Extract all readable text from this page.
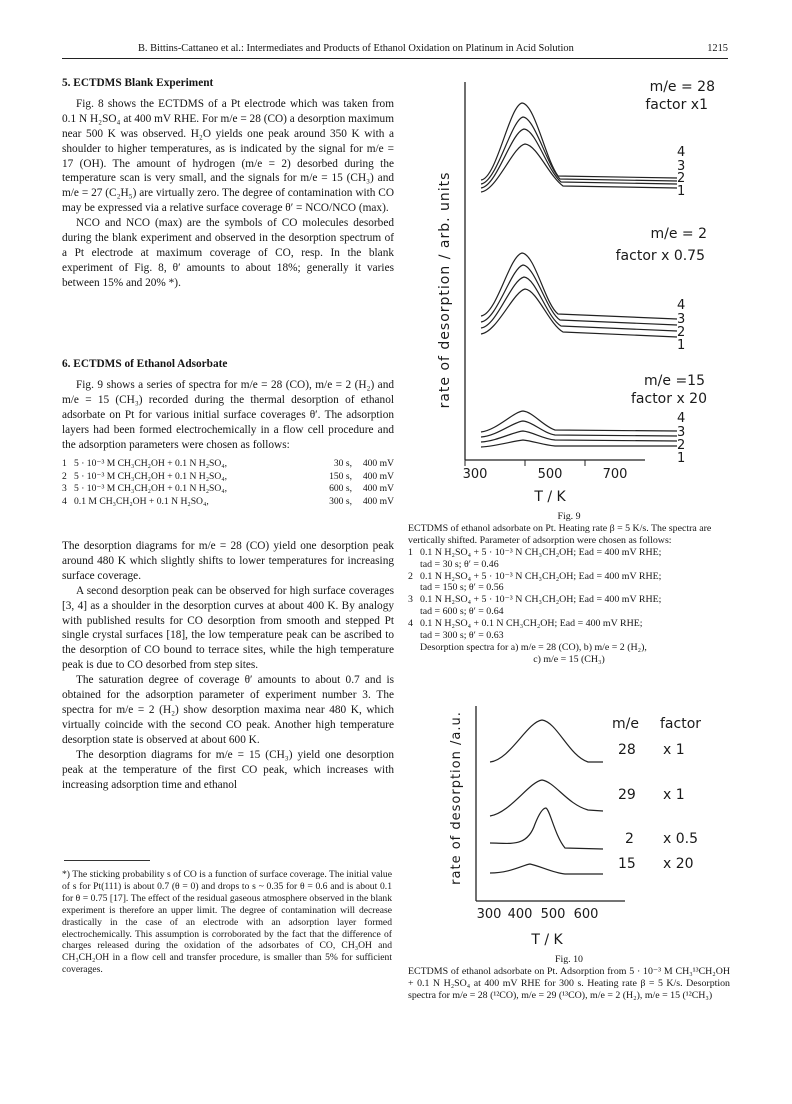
B. Bittins-Cattaneo et al.: Intermediates and Products of Ethanol Oxidation on Platinum in Acid Solution	1215
5. ECTDMS Blank Experiment

Fig. 8 shows the ECTDMS of a Pt electrode which was taken from 0.1 N H₂SO₄ at 400 mV RHE. For m/e = 28 (CO) a desorption maximum near 500 K was observed. H₂O yields one peak around 350 K with a shoulder to higher temperatures, as is indicated by the signal for m/e = 17 (OH). The amount of hydrogen (m/e = 2) desorbed during the temperature scan is very small, and the signals for m/e = 15 (CH₃) and m/e = 27 (C₂H₅) are virtually zero. The degree of contamination with CO may be expressed via a relative surface coverage θ′ = NCO/NCO (max).

NCO and NCO (max) are the symbols of CO molecules desorbed during the blank experiment and observed in the desorption spectrum of a Pt electrode at maximum coverage of CO, resp. In the blank experiment of Fig. 8, θ′ amounts to about 18%; generally it varies between 15% and 20% *).

6. ECTDMS of Ethanol Adsorbate

Fig. 9 shows a series of spectra for m/e = 28 (CO), m/e = 2 (H₂) and m/e = 15 (CH₃) recorded during the thermal desorption of ethanol adsorbate on Pt for various initial surface coverages θ′. The adsorption layers had been formed electrochemically in a flow cell procedure and the adsorption parameters were chosen as follows:

1 5 · 10⁻³ M CH₃CH₂OH + 0.1 N H₂SO₄,	30 s,	400 mV
2 5 · 10⁻³ M CH₃CH₂OH + 0.1 N H₂SO₄,	150 s,	400 mV
3 5 · 10⁻³ M CH₃CH₂OH + 0.1 N H₂SO₄,	600 s,	400 mV
4 0.1 M CH₃CH₂OH + 0.1 N H₂SO₄,	300 s,	400 mV

The desorption diagrams for m/e = 28 (CO) yield one desorption peak around 480 K which slightly shifts to lower temperatures for increasing surface coverage.

A second desorption peak can be observed for high surface coverages [3, 4] as a shoulder in the desorption curves at about 400 K. By analogy with published results for CO desorption from smooth and stepped Pt single crystal surfaces [18], the low temperature peak can be ascribed to the desorption of CO bound to terrace sites, while the high temperature peak is due to CO desorbed from step sites.

The saturation degree of coverage θ′ amounts to about 0.7 and is obtained for the adsorption parameter of experiment number 3. The spectra for m/e = 2 (H₂) show desorption maxima near 480 K, which virtually coincide with the second CO peak. Another high temperature desorption state is observed at about 600 K.

The desorption diagrams for m/e = 15 (CH₃) yield one desorption peak at the temperature of the first CO peak, which increases with increasing adsorption time and ethanol

*) The sticking probability s of CO is a function of surface coverage. The initial value of s for Pt(111) is about 0.7 (θ = 0) and drops to s ~ 0.35 for θ = 0.6 and is about 0.1 for θ = 0.75 [17]. The effect of the residual gaseous atmosphere observed in the blank experiment is therefore an upper limit. The degree of contamination will decrease drastically in the case of an electrode with an adsorption layer formed electrochemically. This assumption is corroborated by the fact that the difference of charges released during the oxidation of the adsorbates of CO, CH₃OH and CH₃CH₂OH in a flow cell and transfer procedure, is smaller than 5% for sufficient coverages.
rate of desorption / arb. units
300	500	700
T / K
m/e = 28
factor x1
4
3
2
1
m/e = 2
factor x 0.75
4
3
2
1
m/e =15
factor x 20
4
3
2
1
Fig. 9

ECTDMS of ethanol adsorbate on Pt. Heating rate β = 5 K/s. The spectra are vertically shifted. Parameter of adsorption were chosen as follows:

1 0.1 N H₂SO₄ + 5 · 10⁻³ N CH₃CH₂OH; Ead = 400 mV RHE;
tad = 30 s; θ′ = 0.46
2 0.1 N H₂SO₄ + 5 · 10⁻³ N CH₃CH₂OH; Ead = 400 mV RHE;
tad = 150 s; θ′ = 0.56
3 0.1 N H₂SO₄ + 5 · 10⁻³ N CH₃CH₂OH; Ead = 400 mV RHE;
tad = 600 s; θ′ = 0.64
4 0.1 N H₂SO₄ + 0.1 N CH₃CH₂OH; Ead = 400 mV RHE;
tad = 300 s; θ′ = 0.63
Desorption spectra for a) m/e = 28 (CO), b) m/e = 2 (H₂),
c) m/e = 15 (CH₃)
rate of desorption /a.u.
300 400 500 600
T / K
m/e factor
28 x 1
29 x 1
2 x 0.5
15 x 20
Fig. 10

ECTDMS of ethanol adsorbate on Pt. Adsorption from 5 · 10⁻³ M CH₃¹³CH₂OH + 0.1 N H₂SO₄ at 400 mV RHE for 300 s. Heating rate β = 5 K/s. Desorption spectra for m/e = 28 (¹²CO), m/e = 29 (¹³CO), m/e = 2 (H₂), m/e = 15 (¹²CH₃)
